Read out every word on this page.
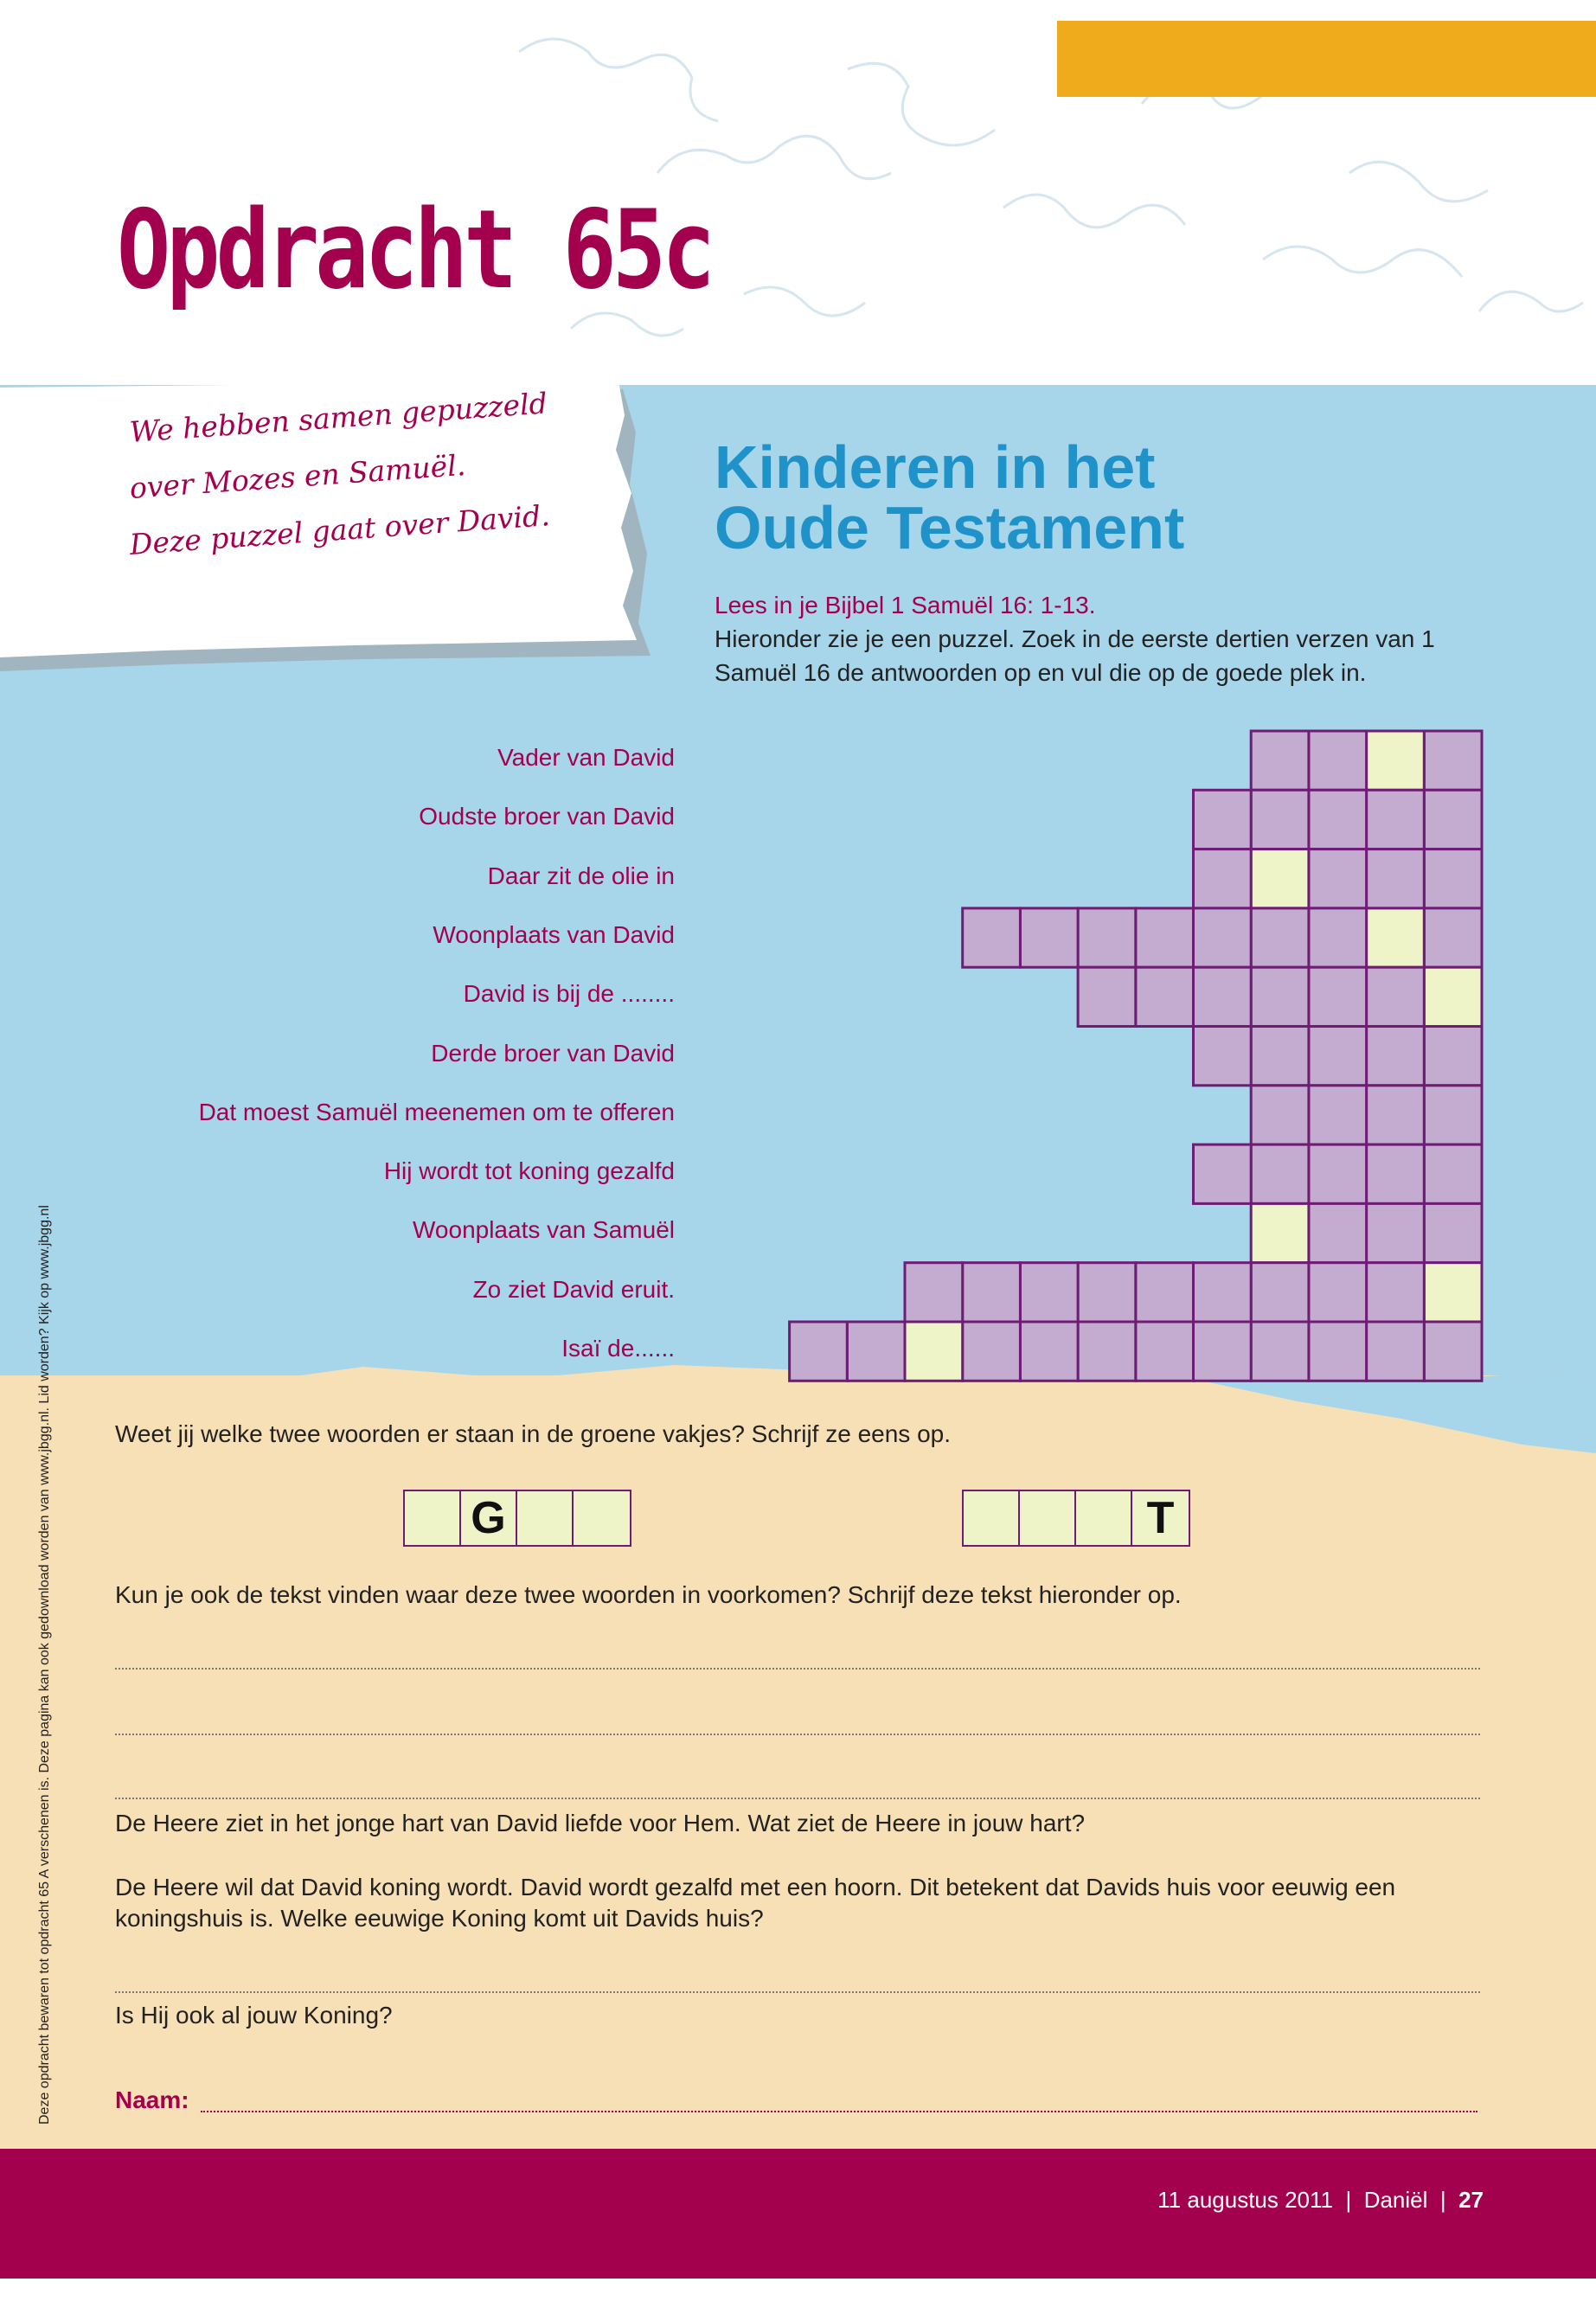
Opdracht 65c
We hebben samen gepuzzeld
over Mozes en Samuël.
Deze puzzel gaat over David.
Kinderen in het
Oude Testament
Lees in je Bijbel 1 Samuël 16: 1-13.
Hieronder zie je een puzzel. Zoek in de eerste dertien verzen van 1 Samuël 16 de antwoorden op en vul die op de goede plek in.
Vader van David
Oudste broer van David
Daar zit de olie in
Woonplaats van David
David is bij de ........
Derde broer van David
Dat moest Samuël meenemen om te offeren
Hij wordt tot koning gezalfd
Woonplaats van Samuël
Zo ziet David eruit.
Isaï de......
Weet jij welke twee woorden er staan in de groene vakjes? Schrijf ze eens op.
G	T
Kun je ook de tekst vinden waar deze twee woorden in voorkomen? Schrijf deze tekst hieronder op.
De Heere ziet in het jonge hart van David liefde voor Hem. Wat ziet de Heere in jouw hart?
De Heere wil dat David koning wordt. David wordt gezalfd met een hoorn. Dit betekent dat Davids huis voor eeuwig een koningshuis is. Welke eeuwige Koning komt uit Davids huis?
Is Hij ook al jouw Koning?
Naam:
Deze opdracht bewaren tot opdracht 65 A verschenen is. Deze pagina kan ook gedownload worden van www.jbgg.nl. Lid worden? Kijk op www.jbgg.nl
11 augustus 2011 | Daniël | 27
